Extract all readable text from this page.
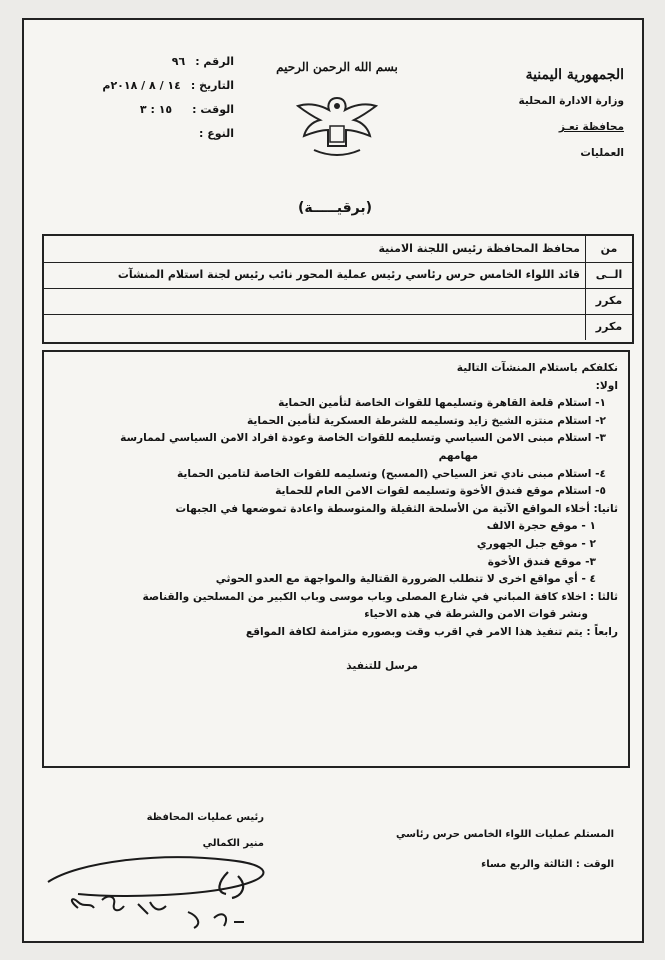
الجمهورية اليمنية
وزارة الادارة المحلية
محافظة تعـز
العمليات
بسم الله الرحمن الرحيم
الرقم :
٩٦
التاريخ :
١٤ / ٨ / ٢٠١٨م
الوقت :
١٥ : ٣
النوع :
(برقيـــــة)
من
محافظ المحافظة رئيس اللجنة الامنية
الــى
قائد اللواء الخامس حرس رئاسي رئيس عملية المحور نائب رئيس لجنة استلام المنشآت
مكرر
مكرر

نكلفكم باستلام المنشآت التالية

اولا:

١- استلام قلعة القاهرة وتسليمها للقوات الخاصة لتأمين الحماية

٢- استلام منتزه الشيخ زايد وتسليمه للشرطة العسكرية لتأمين الحماية

٣- استلام مبنى الامن السياسي وتسليمه للقوات الخاصة وعودة افراد الامن السياسي لممارسة

مهامهم

٤- استلام مبنى نادي تعز السياحي (المسبح) وتسليمه للقوات الخاصة لتامين الحماية

٥- استلام موقع فندق الأخوة وتسليمه لقوات الامن العام للحماية

ثانيا: أخلاء المواقع الآتية من الأسلحة الثقيلة والمتوسطة واعادة تموضعها في الجبهات

١ - موقع حجرة الالف

٢ - موقع جبل الجهوري

٣- موقع فندق الأخوة

٤ - أي مواقع اخرى لا تتطلب الضرورة القتالية والمواجهة مع العدو الحوثي

ثالثا : اخلاء كافة المباني في شارع المصلى وباب موسى وباب الكبير من المسلحين والقناصة

ونشر قوات الامن والشرطة في هذه الاحياء

رابعاً : يتم تنفيذ هذا الامر في اقرب وقت وبصوره متزامنة لكافة المواقع

مرسل للتنفيذ

المستلم عمليات اللواء الخامس حرس رئاسي
الوقت : الثالثة والربع مساء
رئيس عمليات المحافظة
منير الكمالي
